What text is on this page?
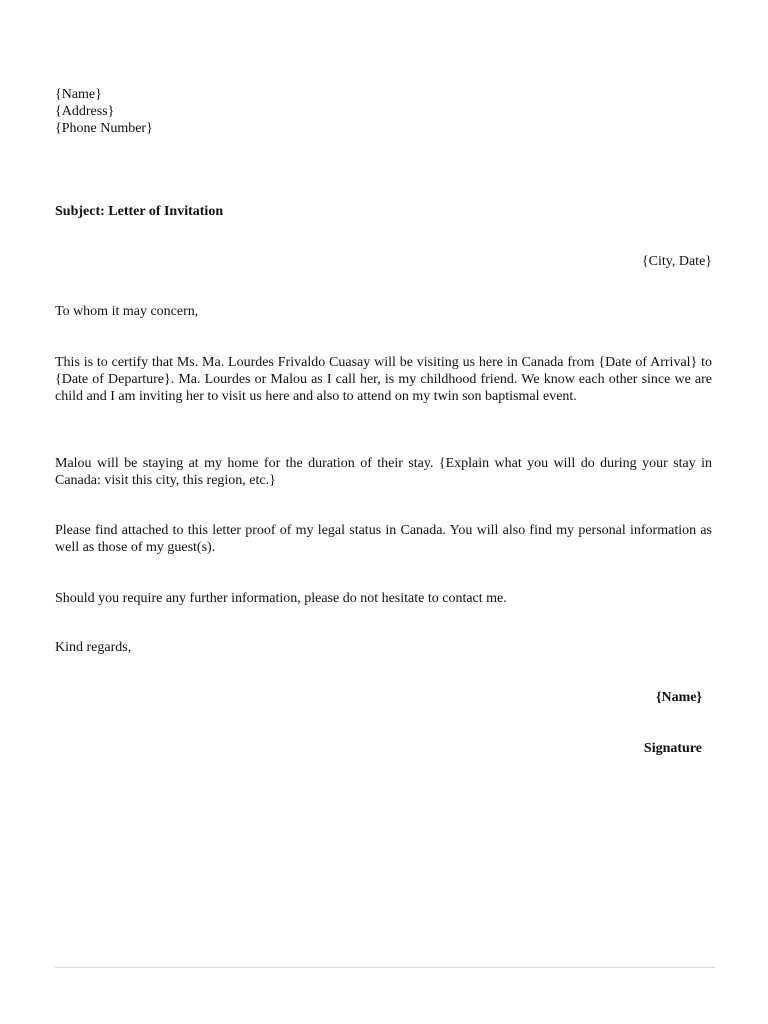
{Name}
{Address}
{Phone Number}
Subject: Letter of Invitation
{City, Date}
To whom it may concern,

This is to certify that Ms. Ma. Lourdes Frivaldo Cuasay will be visiting us here in Canada from {Date of Arrival} to {Date of Departure}. Ma. Lourdes or Malou as I call her, is my childhood friend. We know each other since we are child and I am inviting her to visit us here and also to attend on my twin son baptismal event.

Malou will be staying at my home for the duration of their stay. {Explain what you will do during your stay in Canada: visit this city, this region, etc.}

Please find attached to this letter proof of my legal status in Canada. You will also find my personal information as well as those of my guest(s).

Should you require any further information, please do not hesitate to contact me.

Kind regards,
{Name}
Signature
